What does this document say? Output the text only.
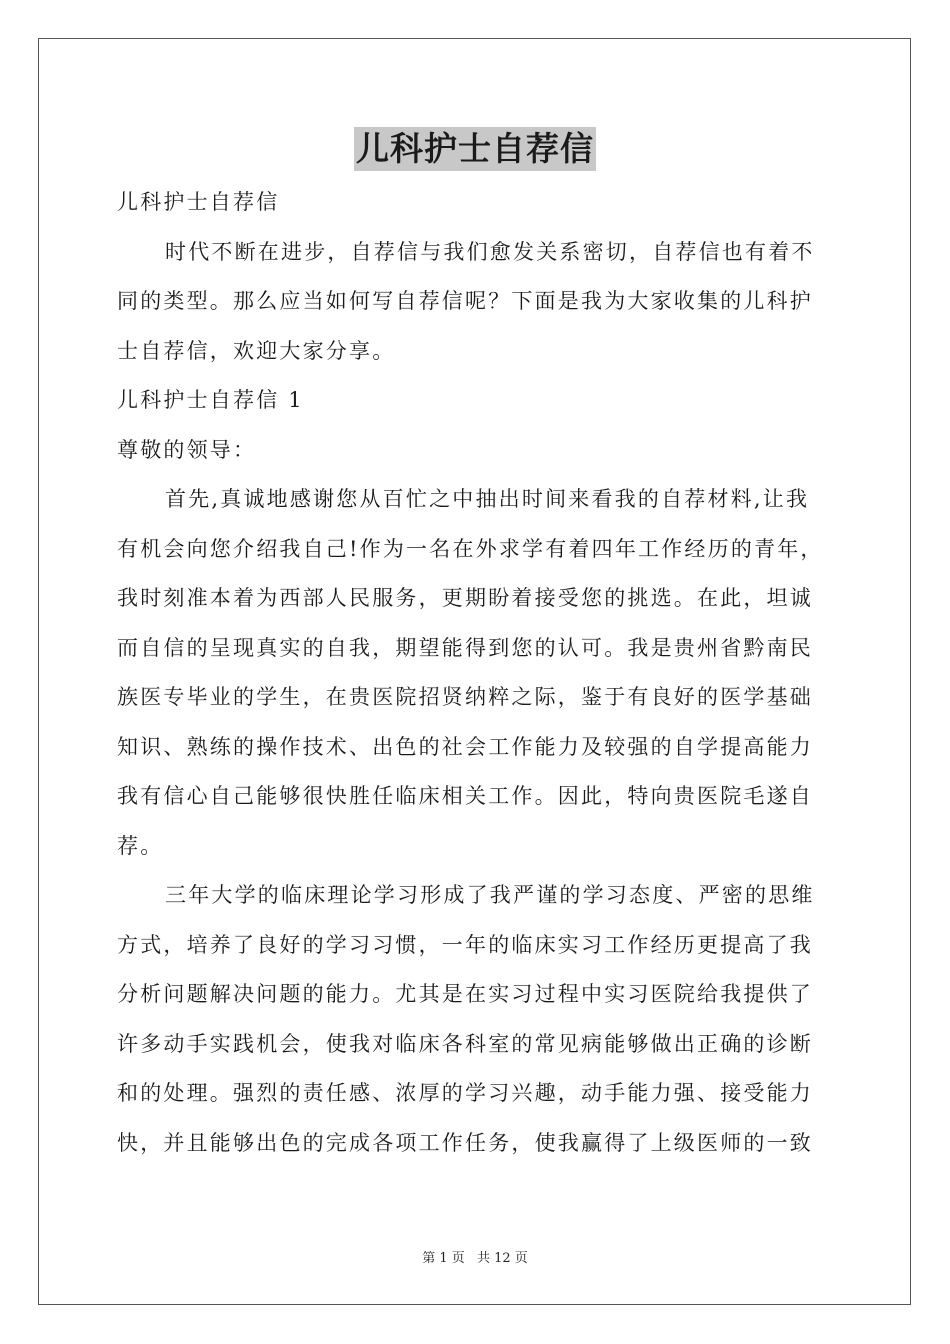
儿科护士自荐信
儿科护士自荐信
时代不断在进步，自荐信与我们愈发关系密切，自荐信也有着不
同的类型。那么应当如何写自荐信呢？下面是我为大家收集的儿科护
士自荐信，欢迎大家分享。
儿科护士自荐信 1
尊敬的领导：
首先,真诚地感谢您从百忙之中抽出时间来看我的自荐材料,让我
有机会向您介绍我自己!作为一名在外求学有着四年工作经历的青年，
我时刻准本着为西部人民服务，更期盼着接受您的挑选。在此，坦诚
而自信的呈现真实的自我，期望能得到您的认可。我是贵州省黔南民
族医专毕业的学生，在贵医院招贤纳粹之际，鉴于有良好的医学基础
知识、熟练的操作技术、出色的社会工作能力及较强的自学提高能力
我有信心自己能够很快胜任临床相关工作。因此，特向贵医院毛遂自
荐。
三年大学的临床理论学习形成了我严谨的学习态度、严密的思维
方式，培养了良好的学习习惯，一年的临床实习工作经历更提高了我
分析问题解决问题的能力。尤其是在实习过程中实习医院给我提供了
许多动手实践机会，使我对临床各科室的常见病能够做出正确的诊断
和的处理。强烈的责任感、浓厚的学习兴趣，动手能力强、接受能力
快，并且能够出色的完成各项工作任务，使我赢得了上级医师的一致
第 1 页 共 12 页
